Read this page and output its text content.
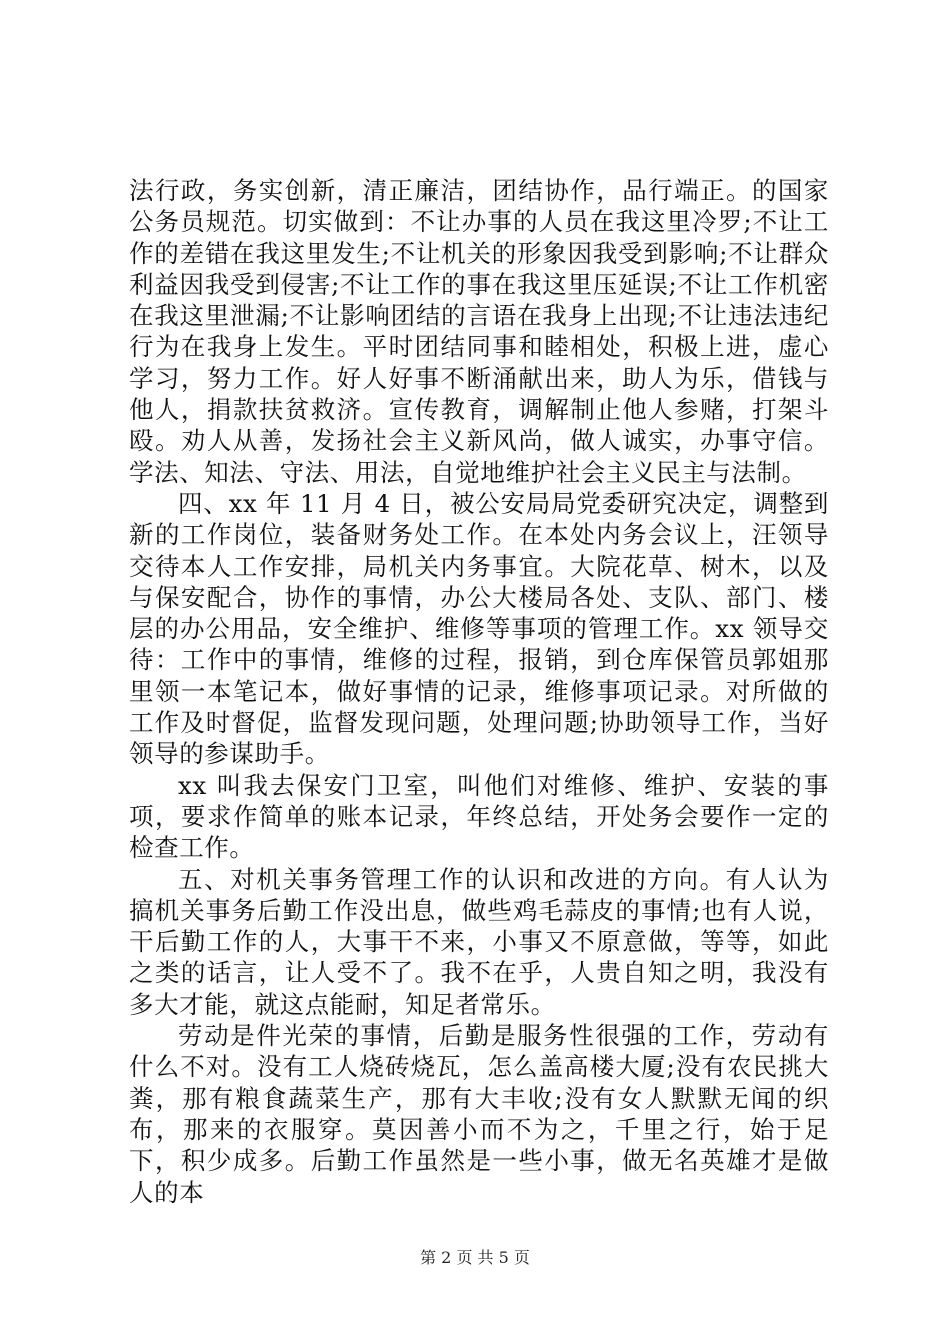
法行政，务实创新，清正廉洁，团结协作，品行端正。的国家公务员规范。切实做到：不让办事的人员在我这里冷罗;不让工作的差错在我这里发生;不让机关的形象因我受到影响;不让群众利益因我受到侵害;不让工作的事在我这里压延误;不让工作机密在我这里泄漏;不让影响团结的言语在我身上出现;不让违法违纪行为在我身上发生。平时团结同事和睦相处，积极上进，虚心学习，努力工作。好人好事不断涌献出来，助人为乐，借钱与他人，捐款扶贫救济。宣传教育，调解制止他人参赌，打架斗殴。劝人从善，发扬社会主义新风尚，做人诚实，办事守信。学法、知法、守法、用法，自觉地维护社会主义民主与法制。

四、xx 年 11 月 4 日，被公安局局党委研究决定，调整到新的工作岗位，装备财务处工作。在本处内务会议上，汪领导交待本人工作安排，局机关内务事宜。大院花草、树木，以及与保安配合，协作的事情，办公大楼局各处、支队、部门、楼层的办公用品，安全维护、维修等事项的管理工作。xx 领导交待：工作中的事情，维修的过程，报销，到仓库保管员郭姐那里领一本笔记本，做好事情的记录，维修事项记录。对所做的工作及时督促，监督发现问题，处理问题;协助领导工作，当好领导的参谋助手。

xx 叫我去保安门卫室，叫他们对维修、维护、安装的事项，要求作简单的账本记录，年终总结，开处务会要作一定的检查工作。

五、对机关事务管理工作的认识和改进的方向。有人认为搞机关事务后勤工作没出息，做些鸡毛蒜皮的事情;也有人说，干后勤工作的人，大事干不来，小事又不原意做，等等，如此之类的话言，让人受不了。我不在乎，人贵自知之明，我没有多大才能，就这点能耐，知足者常乐。

劳动是件光荣的事情，后勤是服务性很强的工作，劳动有什么不对。没有工人烧砖烧瓦，怎么盖高楼大厦;没有农民挑大粪，那有粮食蔬菜生产，那有大丰收;没有女人默默无闻的织布，那来的衣服穿。莫因善小而不为之，千里之行，始于足下，积少成多。后勤工作虽然是一些小事，做无名英雄才是做人的本

第 2 页 共 5 页
